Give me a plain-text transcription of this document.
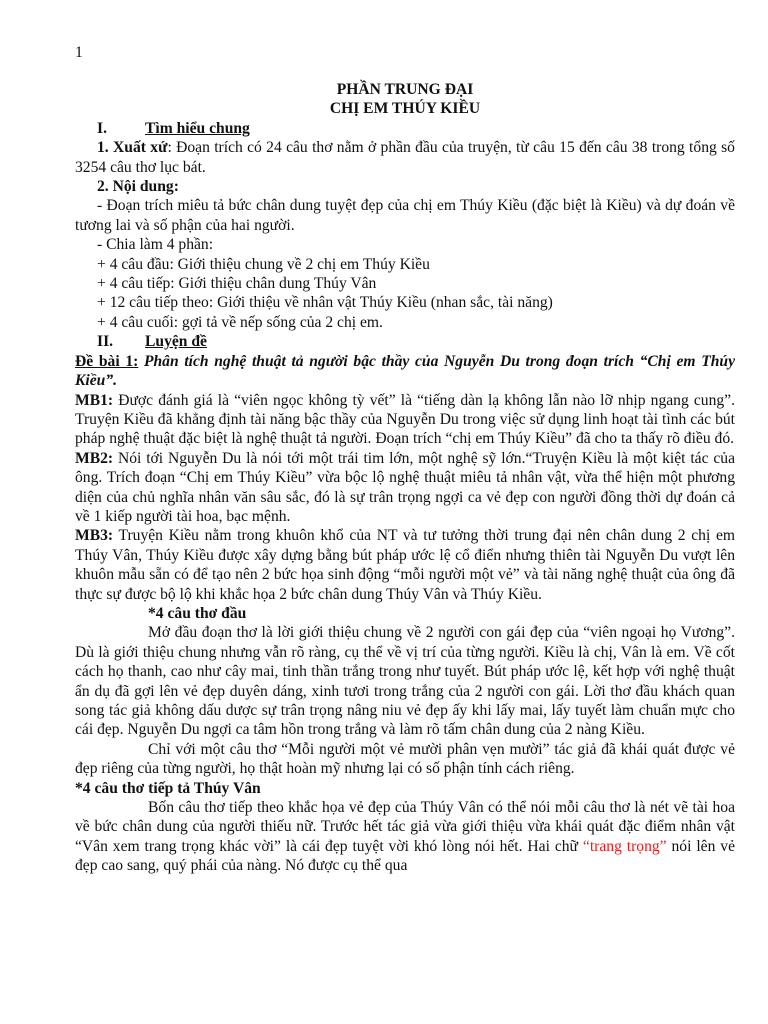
1

PHẦN TRUNG ĐẠI

CHỊ EM THÚY KIỀU

I. Tìm hiểu chung

1. Xuất xứ: Đoạn trích có 24 câu thơ nằm ở phần đầu của truyện, từ câu 15 đến câu 38 trong tổng số 3254 câu thơ lục bát.

2. Nội dung:

- Đoạn trích miêu tả bức chân dung tuyệt đẹp của chị em Thúy Kiều (đặc biệt là Kiều) và dự đoán về tương lai và số phận của hai người.

- Chia làm 4 phần:

+ 4 câu đầu: Giới thiệu chung về 2 chị em Thúy Kiều

+ 4 câu tiếp: Giới thiệu chân dung Thúy Vân

+ 12 câu tiếp theo: Giới thiệu về nhân vật Thúy Kiều (nhan sắc, tài năng)

+ 4 câu cuối: gợi tả về nếp sống của 2 chị em.

II. Luyện đề

Đề bài 1: Phân tích nghệ thuật tả người bậc thầy của Nguyễn Du trong đoạn trích “Chị em Thúy Kiều”.

MB1: Được đánh giá là “viên ngọc không tỳ vết” là “tiếng dàn lạ không lẫn nào lỡ nhịp ngang cung”. Truyện Kiều đã khẳng định tài năng bậc thầy của Nguyễn Du trong việc sử dụng linh hoạt tài tình các bút pháp nghệ thuật đặc biệt là nghệ thuật tả người. Đoạn trích “chị em Thúy Kiều” đã cho ta thấy rõ điều đó.

MB2: Nói tới Nguyễn Du là nói tới một trái tim lớn, một nghệ sỹ lớn.“Truyện Kiều là một kiệt tác của ông. Trích đoạn “Chị em Thúy Kiều” vừa bộc lộ nghệ thuật miêu tả nhân vật, vừa thể hiện một phương diện của chủ nghĩa nhân văn sâu sắc, đó là sự trân trọng ngợi ca vẻ đẹp con người đồng thời dự đoán cả về 1 kiếp người tài hoa, bạc mệnh.

MB3: Truyện Kiều nằm trong khuôn khổ của NT và tư tưởng thời trung đại nên chân dung 2 chị em Thúy Vân, Thúy Kiều được xây dựng bằng bút pháp ước lệ cổ điển nhưng thiên tài Nguyễn Du vượt lên khuôn mẫu sẵn có để tạo nên 2 bức họa sinh động “mỗi người một vẻ” và tài năng nghệ thuật của ông đã thực sự được bộ lộ khi khắc họa 2 bức chân dung Thúy Vân và Thúy Kiều.

*4 câu thơ đầu

Mở đầu đoạn thơ là lời giới thiệu chung về 2 người con gái đẹp của “viên ngoại họ Vương”. Dù là giới thiệu chung nhưng vẫn rõ ràng, cụ thể về vị trí của từng người. Kiều là chị, Vân là em. Về cốt cách họ thanh, cao như cây mai, tinh thần trắng trong như tuyết. Bút pháp ước lệ, kết hợp với nghệ thuật ẩn dụ đã gợi lên vẻ đẹp duyên dáng, xinh tươi trong trắng của 2 người con gái. Lời thơ đầu khách quan song tác giả không dấu dược sự trân trọng nâng niu vẻ đẹp ấy khi lấy mai, lấy tuyết làm chuẩn mực cho cái đẹp. Nguyễn Du ngợi ca tâm hồn trong trắng và làm rõ tấm chân dung của 2 nàng Kiều.

Chỉ với một câu thơ “Mỗi người một vẻ mười phân vẹn mười” tác giả đã khái quát được vẻ đẹp riêng của từng người, họ thật hoàn mỹ nhưng lại có số phận tính cách riêng.

*4 câu thơ tiếp tả Thúy Vân

Bốn câu thơ tiếp theo khắc họa vẻ đẹp của Thúy Vân có thể nói mỗi câu thơ là nét vẽ tài hoa về bức chân dung của người thiếu nữ. Trước hết tác giả vừa giới thiệu vừa khái quát đặc điểm nhân vật “Vân xem trang trọng khác vời” là cái đẹp tuyệt vời khó lòng nói hết. Hai chữ “trang trọng” nói lên vẻ đẹp cao sang, quý phái của nàng. Nó được cụ thể qua
